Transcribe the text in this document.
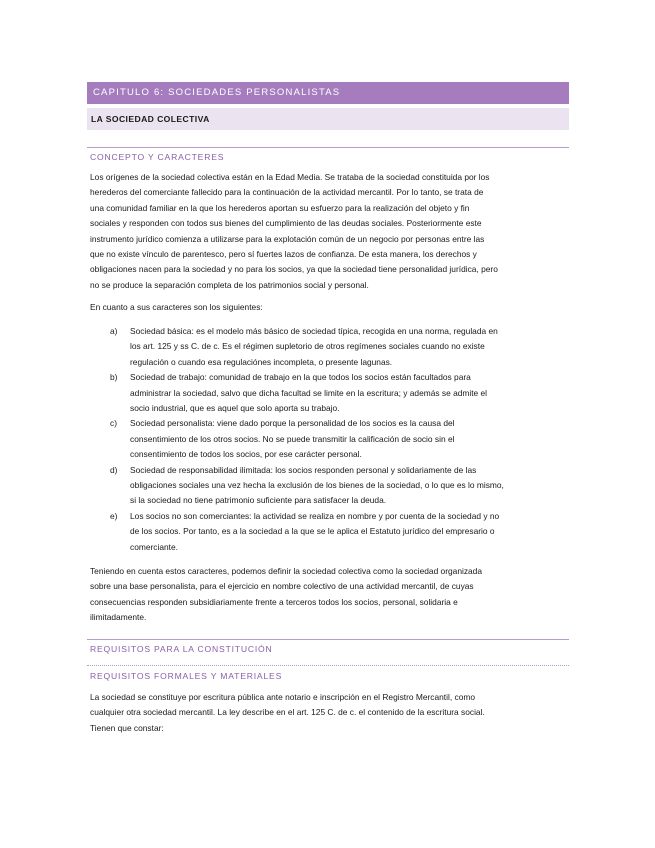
CAPITULO 6: SOCIEDADES PERSONALISTAS
LA SOCIEDAD COLECTIVA
CONCEPTO Y CARACTERES
Los orígenes de la sociedad colectiva están en la Edad Media. Se trataba de la sociedad constituida por los
herederos del comerciante fallecido para la continuación de la actividad mercantil. Por lo tanto, se trata de
una comunidad familiar en la que los herederos aportan su esfuerzo para la realización del objeto y fin
sociales y responden con todos sus bienes del cumplimiento de las deudas sociales. Posteriormente este
instrumento jurídico comienza a utilizarse para la explotación común de un negocio por personas entre las
que no existe vínculo de parentesco, pero sí fuertes lazos de confianza. De esta manera, los derechos y
obligaciones nacen para la sociedad y no para los socios, ya que la sociedad tiene personalidad jurídica, pero
no se produce la separación completa de los patrimonios social y personal.
En cuanto a sus caracteres son los siguientes:
a) Sociedad básica: es el modelo más básico de sociedad típica, recogida en una norma, regulada en
los art. 125 y ss C. de c. Es el régimen supletorio de otros regímenes sociales cuando no existe
regulación o cuando esa regulaciónes incompleta, o presente lagunas.
b) Sociedad de trabajo: comunidad de trabajo en la que todos los socios están facultados para
administrar la sociedad, salvo que dicha facultad se limite en la escritura; y además se admite el
socio industrial, que es aquel que solo aporta su trabajo.
c) Sociedad personalista: viene dado porque la personalidad de los socios es la causa del
consentimiento de los otros socios. No se puede transmitir la calificación de socio sin el
consentimiento de todos los socios, por ese carácter personal.
d) Sociedad de responsabilidad ilimitada: los socios responden personal y solidariamente de las
obligaciones sociales una vez hecha la exclusión de los bienes de la sociedad, o lo que es lo mismo,
si la sociedad no tiene patrimonio suficiente para satisfacer la deuda.
e) Los socios no son comerciantes: la actividad se realiza en nombre y por cuenta de la sociedad y no
de los socios. Por tanto, es a la sociedad a la que se le aplica el Estatuto jurídico del empresario o
comerciante.
Teniendo en cuenta estos caracteres, podemos definir la sociedad colectiva como la sociedad organizada
sobre una base personalista, para el ejercicio en nombre colectivo de una actividad mercantil, de cuyas
consecuencias responden subsidiariamente frente a terceros todos los socios, personal, solidaria e
ilimitadamente.
REQUISITOS PARA LA CONSTITUCIÓN
REQUISITOS FORMALES Y MATERIALES
La sociedad se constituye por escritura pública ante notario e inscripción en el Registro Mercantil, como
cualquier otra sociedad mercantil. La ley describe en el art. 125 C. de c. el contenido de la escritura social.
Tienen que constar:
